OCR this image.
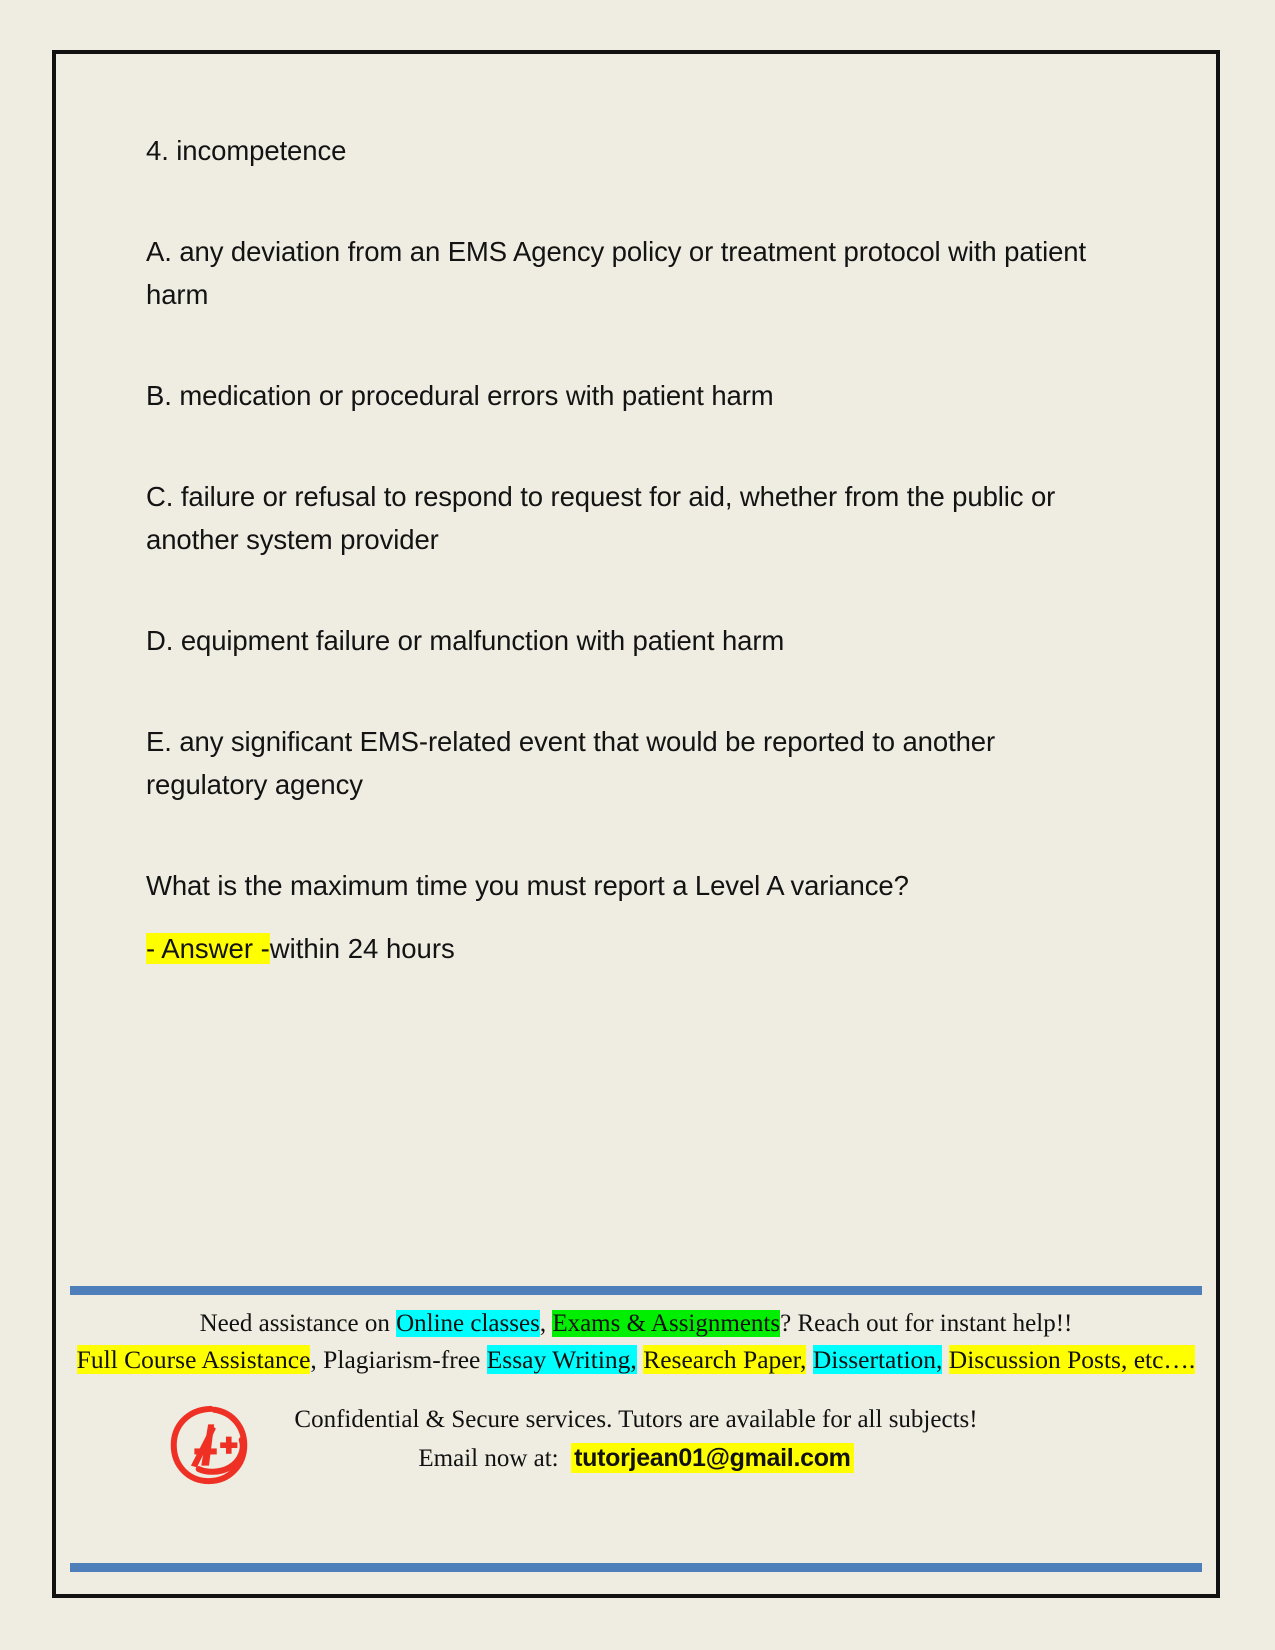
4. incompetence

A. any deviation from an EMS Agency policy or treatment protocol with patient harm

B. medication or procedural errors with patient harm

C. failure or refusal to respond to request for aid, whether from the public or another system provider

D. equipment failure or malfunction with patient harm

E. any significant EMS-related event that would be reported to another regulatory agency

What is the maximum time you must report a Level A variance?

- Answer -within 24 hours

Need assistance on Online classes, Exams & Assignments? Reach out for instant help!!
Full Course Assistance, Plagiarism-free Essay Writing, Research Paper, Dissertation, Discussion Posts, etc….
Confidential & Secure services. Tutors are available for all subjects!
Email now at: tutorjean01@gmail.com
